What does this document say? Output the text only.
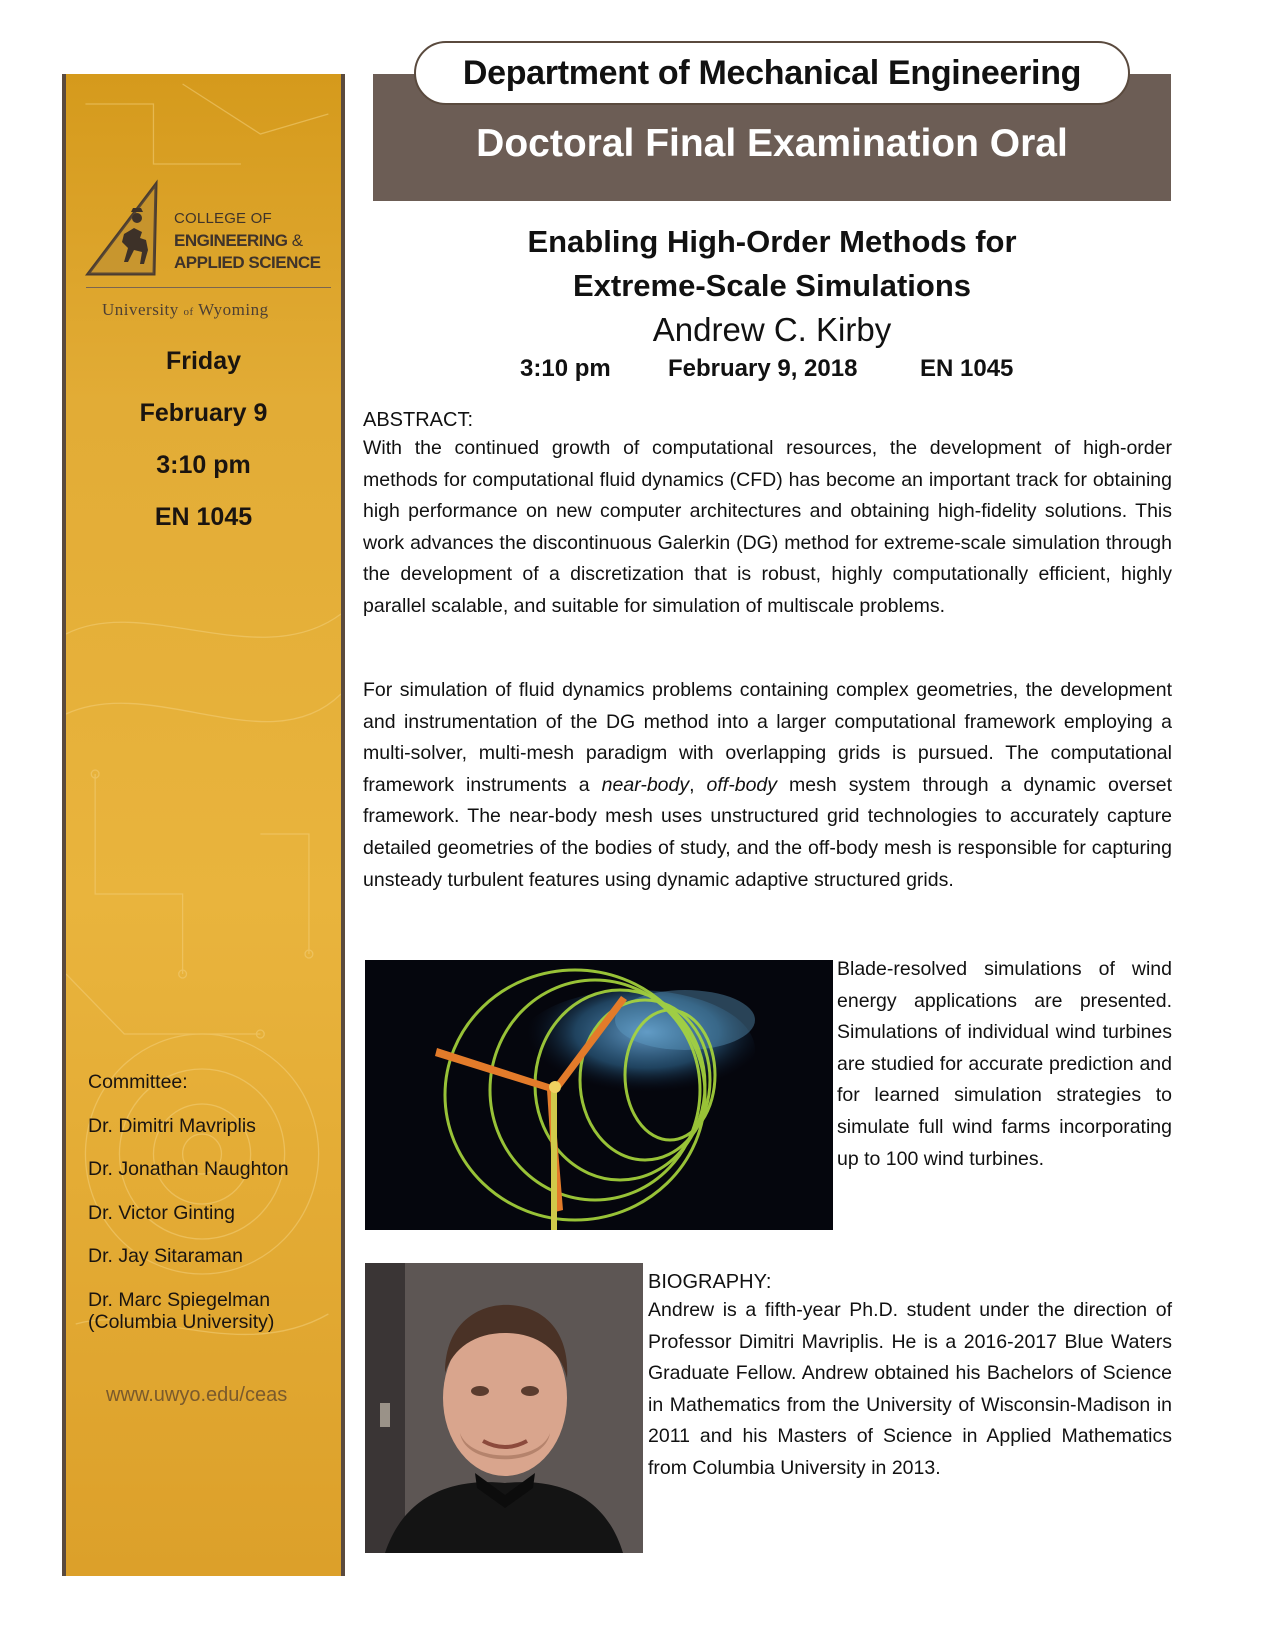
COLLEGE OF
ENGINEERING &
APPLIED SCIENCE
University of Wyoming
Friday
February 9
3:10 pm
EN 1045
Committee:
Dr. Dimitri Mavriplis
Dr. Jonathan Naughton
Dr. Victor Ginting
Dr. Jay Sitaraman
Dr. Marc Spiegelman
(Columbia University)
www.uwyo.edu/ceas
Department of Mechanical Engineering
Doctoral Final Examination Oral
Enabling High-Order Methods for
Extreme-Scale Simulations
Andrew C. Kirby
3:10 pm February 9, 2018	EN 1045
ABSTRACT:
With the continued growth of computational resources, the development of high-order methods for computational fluid dynamics (CFD) has become an important track for obtaining high performance on new computer architectures and obtaining high-fidelity solutions. This work advances the discontinuous Galerkin (DG) method for extreme-scale simulation through the development of a discretization that is robust, highly computationally efficient, highly parallel scalable, and suitable for simulation of multiscale problems.
For simulation of fluid dynamics problems containing complex geometries, the development and instrumentation of the DG method into a larger computational framework employing a multi-solver, multi-mesh paradigm with overlapping grids is pursued. The computational framework instruments a near-body, off-body mesh system through a dynamic overset framework. The near-body mesh uses unstructured grid technologies to accurately capture detailed geometries of the bodies of study, and the off-body mesh is responsible for capturing unsteady turbulent features using dynamic adaptive structured grids.
Blade-resolved simulations of wind energy applications are presented. Simulations of individual wind turbines are studied for accurate prediction and for learned simulation strategies to simulate full wind farms incorporating up to 100 wind turbines.
BIOGRAPHY:
Andrew is a fifth-year Ph.D. student under the direction of Professor Dimitri Mavriplis. He is a 2016-2017 Blue Waters Graduate Fellow. Andrew obtained his Bachelors of Science in Mathematics from the University of Wisconsin-Madison in 2011 and his Masters of Science in Applied Mathematics from Columbia University in 2013.
